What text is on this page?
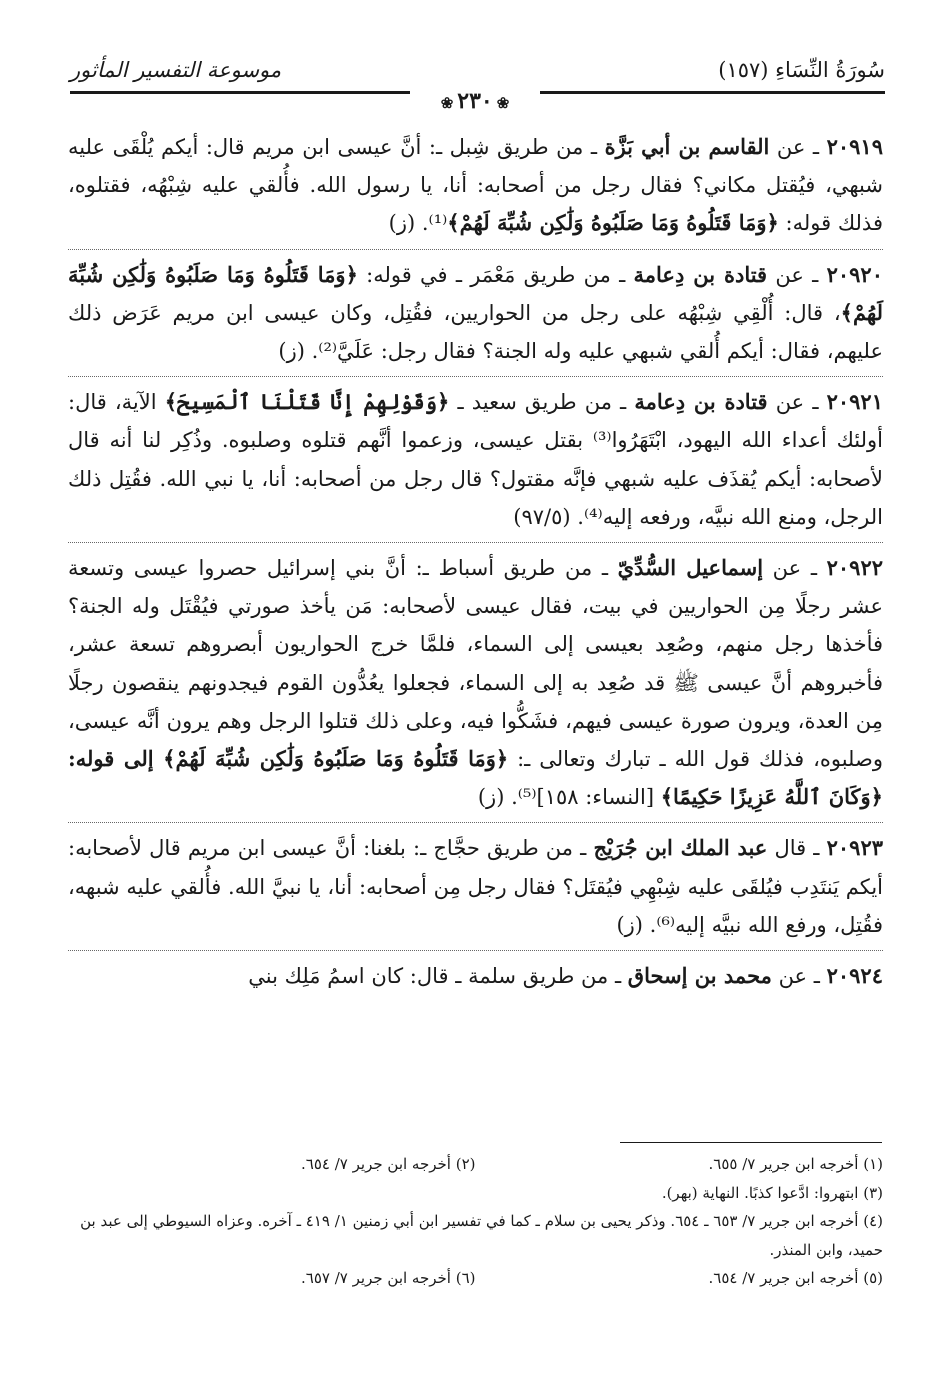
سُورَةُ النِّسَاءِ (١٥٧)
موسوعة التفسير المأثور
❀ ٢٣٠ ❀

٢٠٩١٩ ـ عن القاسم بن أبي بَزَّة ـ من طريق شِبل ـ: أنَّ عيسى ابن مريم قال: أيكم يُلْقَى عليه شبهي، فيُقتل مكاني؟ فقال رجل من أصحابه: أنا، يا رسول الله. فأُلقي عليه شِبْهُه، فقتلوه، فذلك قوله: ﴿وَمَا قَتَلُوهُ وَمَا صَلَبُوهُ وَلَٰكِن شُبِّهَ لَهُمْ﴾⁽¹⁾. (ز)

٢٠٩٢٠ ـ عن قتادة بن دِعامة ـ من طريق مَعْمَر ـ في قوله: ﴿وَمَا قَتَلُوهُ وَمَا صَلَبُوهُ وَلَٰكِن شُبِّهَ لَهُمْ﴾، قال: أُلْقِي شِبْهُه على رجل من الحواريين، فقُتِل، وكان عيسى ابن مريم عَرَض ذلك عليهم، فقال: أيكم أُلقي شبهي عليه وله الجنة؟ فقال رجل: عَلَيَّ⁽²⁾. (ز)

٢٠٩٢١ ـ عن قتادة بن دِعامة ـ من طريق سعيد ـ ﴿وَقَوْلِهِمْ إِنَّا قَتَلْنَا ٱلْمَسِيحَ﴾ الآية، قال: أولئك أعداء الله اليهود، ابْتَهَرُوا⁽³⁾ بقتل عيسى، وزعموا أنَّهم قتلوه وصلبوه. وذُكِر لنا أنه قال لأصحابه: أيكم يُقذَف عليه شبهي فإنَّه مقتول؟ قال رجل من أصحابه: أنا، يا نبي الله. فقُتِل ذلك الرجل، ومنع الله نبيَّه، ورفعه إليه⁽⁴⁾. (٩٧/٥)

٢٠٩٢٢ ـ عن إسماعيل السُّدِّيّ ـ من طريق أسباط ـ: أنَّ بني إسرائيل حصروا عيسى وتسعة عشر رجلًا مِن الحواريين في بيت، فقال عيسى لأصحابه: مَن يأخذ صورتي فيُقْتَل وله الجنة؟ فأخذها رجل منهم، وصُعِد بعيسى إلى السماء، فلمَّا خرج الحواريون أبصروهم تسعة عشر، فأخبروهم أنَّ عيسى ﷺ قد صُعِد به إلى السماء، فجعلوا يعُدُّون القوم فيجدونهم ينقصون رجلًا مِن العدة، ويرون صورة عيسى فيهم، فشَكُّوا فيه، وعلى ذلك قتلوا الرجل وهم يرون أنَّه عيسى، وصلبوه، فذلك قول الله ـ تبارك وتعالى ـ: ﴿وَمَا قَتَلُوهُ وَمَا صَلَبُوهُ وَلَٰكِن شُبِّهَ لَهُمْ﴾ إلى قوله: ﴿وَكَانَ ٱللَّهُ عَزِيزًا حَكِيمًا﴾ [النساء: ١٥٨]⁽⁵⁾. (ز)

٢٠٩٢٣ ـ قال عبد الملك ابن جُرَيْج ـ من طريق حجَّاج ـ: بلغنا: أنَّ عيسى ابن مريم قال لأصحابه: أيكم يَنتَدِب فيُلقَى عليه شِبْهِي فيُقتَل؟ فقال رجل مِن أصحابه: أنا، يا نبيَّ الله. فأُلقي عليه شبهه، فقُتِل، ورفع الله نبيَّه إليه⁽⁶⁾. (ز)

٢٠٩٢٤ ـ عن محمد بن إسحاق ـ من طريق سلمة ـ قال: كان اسمُ مَلِك بني

(١) أخرجه ابن جرير ٧/ ٦٥٥.
(٢) أخرجه ابن جرير ٧/ ٦٥٤.
(٣) ابتهروا: ادَّعوا كذبًا. النهاية (بهر).
(٤) أخرجه ابن جرير ٧/ ٦٥٣ ـ ٦٥٤. وذكر يحيى بن سلام ـ كما في تفسير ابن أبي زمنين ١/ ٤١٩ ـ آخره. وعزاه السيوطي إلى عبد بن حميد، وابن المنذر.
(٥) أخرجه ابن جرير ٧/ ٦٥٤.
(٦) أخرجه ابن جرير ٧/ ٦٥٧.
